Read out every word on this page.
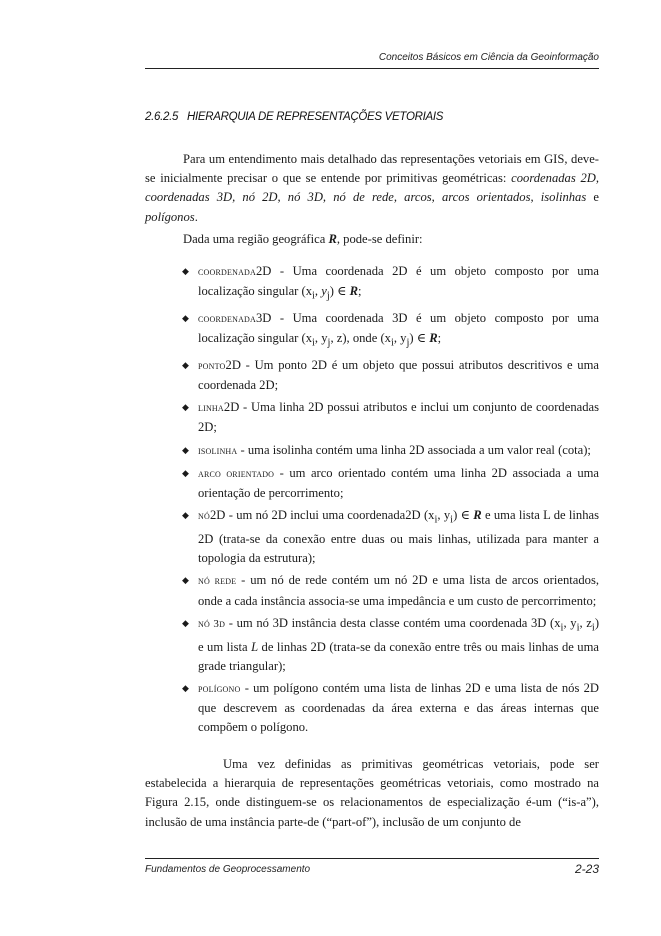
Conceitos Básicos em Ciência da Geoinformação
2.6.2.5 HIERARQUIA DE REPRESENTAÇÕES VETORIAIS
Para um entendimento mais detalhado das representações vetoriais em GIS, deve-se inicialmente precisar o que se entende por primitivas geométricas: coordenadas 2D, coordenadas 3D, nó 2D, nó 3D, nó de rede, arcos, arcos orientados, isolinhas e polígonos.
Dada uma região geográfica R, pode-se definir:
◆ coordenada2D - Uma coordenada 2D é um objeto composto por uma localização singular ($x_i$, $y_j$) ∈ R;
◆ coordenada3D - Uma coordenada 3D é um objeto composto por uma localização singular ($x_i$, $y_j$, z), onde ($x_i$, $y_j$) ∈ R;
◆ ponto2D - Um ponto 2D é um objeto que possui atributos descritivos e uma coordenada 2D;
◆ linha2D - Uma linha 2D possui atributos e inclui um conjunto de coordenadas 2D;
◆ isolinha - uma isolinha contém uma linha 2D associada a um valor real (cota);
◆ arco orientado - um arco orientado contém uma linha 2D associada a uma orientação de percorrimento;
◆ nó2D - um nó 2D inclui uma coordenada2D ($x_i$, $y_i$) ∈ R e uma lista L de linhas 2D (trata-se da conexão entre duas ou mais linhas, utilizada para manter a topologia da estrutura);
◆ nó rede - um nó de rede contém um nó 2D e uma lista de arcos orientados, onde a cada instância associa-se uma impedância e um custo de percorrimento;
◆ nó 3d - um nó 3D instância desta classe contém uma coordenada 3D ($x_i$, $y_i$, $z_i$) e um lista L de linhas 2D (trata-se da conexão entre três ou mais linhas de uma grade triangular);
◆ polígono - um polígono contém uma lista de linhas 2D e uma lista de nós 2D que descrevem as coordenadas da área externa e das áreas internas que compõem o polígono.
Uma vez definidas as primitivas geométricas vetoriais, pode ser estabelecida a hierarquia de representações geométricas vetoriais, como mostrado na Figura 2.15, onde distinguem-se os relacionamentos de especialização é-um (“is-a”), inclusão de uma instância parte-de (“part-of”), inclusão de um conjunto de
Fundamentos de Geoprocessamento	2-23
